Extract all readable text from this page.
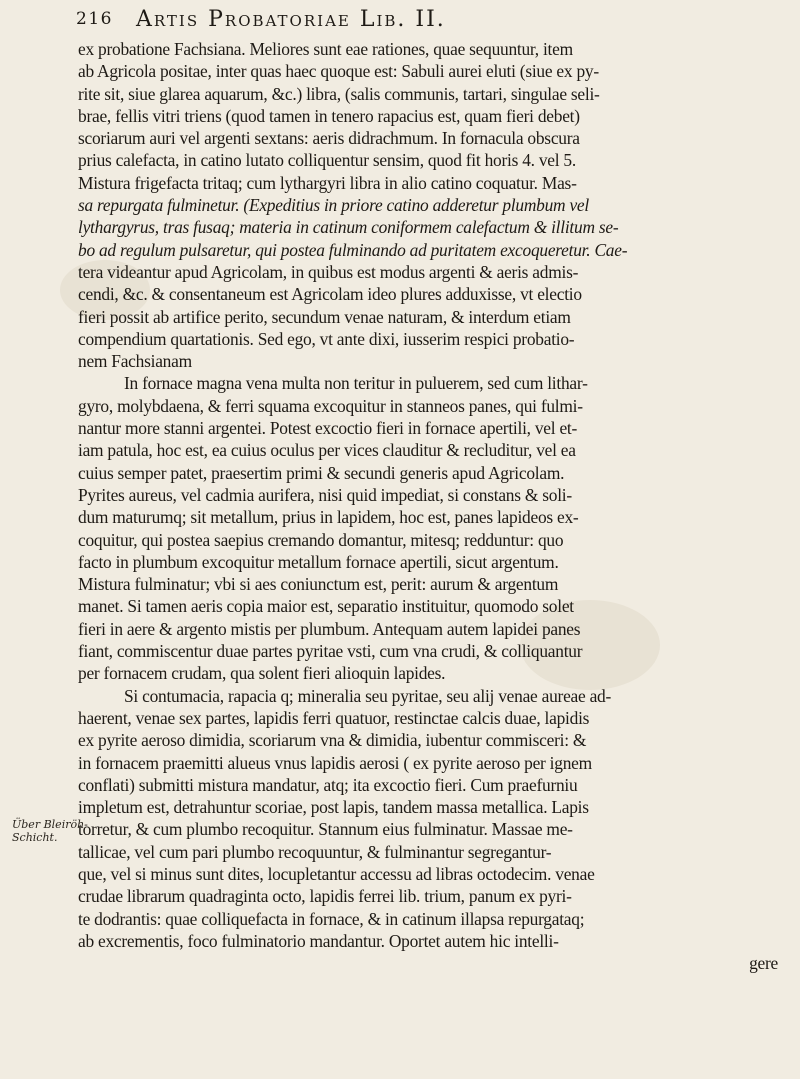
216	Artis Probatoriae Lib. II.
Über Bleiröh-
Schicht.
ex probatione Fachsiana. Meliores sunt eae rationes, quae sequuntur, item
ab Agricola positae, inter quas haec quoque est: Sabuli aurei eluti (siue ex py-
rite sit, siue glarea aquarum, &c.) libra, (salis communis, tartari, singulae seli-
brae, fellis vitri triens (quod tamen in tenero rapacius est, quam fieri debet)
scoriarum auri vel argenti sextans: aeris didrachmum. In fornacula obscura
prius calefacta, in catino lutato colliquentur sensim, quod fit horis 4. vel 5.
Mistura frigefacta tritaq; cum lythargyri libra in alio catino coquatur. Mas-
sa repurgata fulminetur. (Expeditius in priore catino adderetur plumbum vel
lythargyrus, tras fusaq; materia in catinum coniformem calefactum & illitum se-
bo ad regulum pulsaretur, qui postea fulminando ad puritatem excoqueretur. Cae-
tera videantur apud Agricolam, in quibus est modus argenti & aeris admis-
cendi, &c. & consentaneum est Agricolam ideo plures adduxisse, vt electio
fieri possit ab artifice perito, secundum venae naturam, & interdum etiam
compendium quartationis. Sed ego, vt ante dixi, iusserim respici probatio-
nem Fachsianam
In fornace magna vena multa non teritur in puluerem, sed cum lithar-
gyro, molybdaena, & ferri squama excoquitur in stanneos panes, qui fulmi-
nantur more stanni argentei. Potest excoctio fieri in fornace apertili, vel et-
iam patula, hoc est, ea cuius oculus per vices clauditur & recluditur, vel ea
cuius semper patet, praesertim primi & secundi generis apud Agricolam.
Pyrites aureus, vel cadmia aurifera, nisi quid impediat, si constans & soli-
dum maturumq; sit metallum, prius in lapidem, hoc est, panes lapideos ex-
coquitur, qui postea saepius cremando domantur, mitesq; redduntur: quo
facto in plumbum excoquitur metallum fornace apertili, sicut argentum.
Mistura fulminatur; vbi si aes coniunctum est, perit: aurum & argentum
manet. Si tamen aeris copia maior est, separatio instituitur, quomodo solet
fieri in aere & argento mistis per plumbum. Antequam autem lapidei panes
fiant, commiscentur duae partes pyritae vsti, cum vna crudi, & colliquantur
per fornacem crudam, qua solent fieri alioquin lapides.
Si contumacia, rapacia q; mineralia seu pyritae, seu alij venae aureae ad-
haerent, venae sex partes, lapidis ferri quatuor, restinctae calcis duae, lapidis
ex pyrite aeroso dimidia, scoriarum vna & dimidia, iubentur commisceri: &
in fornacem praemitti alueus vnus lapidis aerosi ( ex pyrite aeroso per ignem
conflati) submitti mistura mandatur, atq; ita excoctio fieri. Cum praefurniu
impletum est, detrahuntur scoriae, post lapis, tandem massa metallica. Lapis
torretur, & cum plumbo recoquitur. Stannum eius fulminatur. Massae me-
tallicae, vel cum pari plumbo recoquuntur, & fulminantur segregantur-
que, vel si minus sunt dites, locupletantur accessu ad libras octodecim. venae
crudae librarum quadraginta octo, lapidis ferrei lib. trium, panum ex pyri-
te dodrantis: quae colliquefacta in fornace, & in catinum illapsa repurgataq;
ab excrementis, foco fulminatorio mandantur. Oportet autem hic intelli-
gere
